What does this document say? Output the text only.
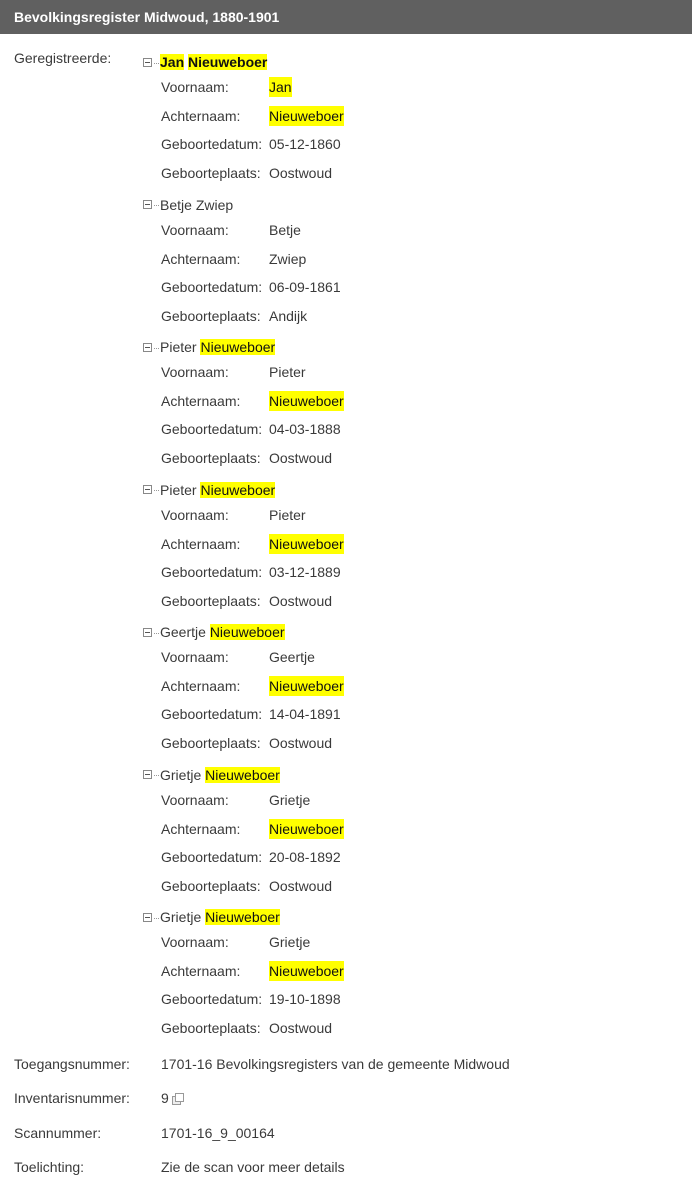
Bevolkingsregister Midwoud, 1880-1901
Geregistreerde:	Jan Nieuweboer
Voornaam:	Jan
Achternaam: Nieuweboer
Geboortedatum: 05-12-1860
Geboorteplaats: Oostwoud
Betje Zwiep
Voornaam:	Betje
Achternaam: Zwiep
Geboortedatum: 06-09-1861
Geboorteplaats: Andijk
Pieter Nieuweboer
Voornaam:	Pieter
Achternaam: Nieuweboer
Geboortedatum: 04-03-1888
Geboorteplaats: Oostwoud
Pieter Nieuweboer
Voornaam:	Pieter
Achternaam: Nieuweboer
Geboortedatum: 03-12-1889
Geboorteplaats: Oostwoud
Geertje Nieuweboer
Voornaam:	Geertje
Achternaam: Nieuweboer
Geboortedatum: 14-04-1891
Geboorteplaats: Oostwoud
Grietje Nieuweboer
Voornaam:	Grietje
Achternaam: Nieuweboer
Geboortedatum: 20-08-1892
Geboorteplaats: Oostwoud
Grietje Nieuweboer
Voornaam:	Grietje
Achternaam: Nieuweboer
Geboortedatum: 19-10-1898
Geboorteplaats: Oostwoud
Toegangsnummer: 1701-16 Bevolkingsregisters van de gemeente Midwoud
Inventarisnummer: 9
Scannummer:	1701-16_9_00164
Toelichting:	Zie de scan voor meer details
